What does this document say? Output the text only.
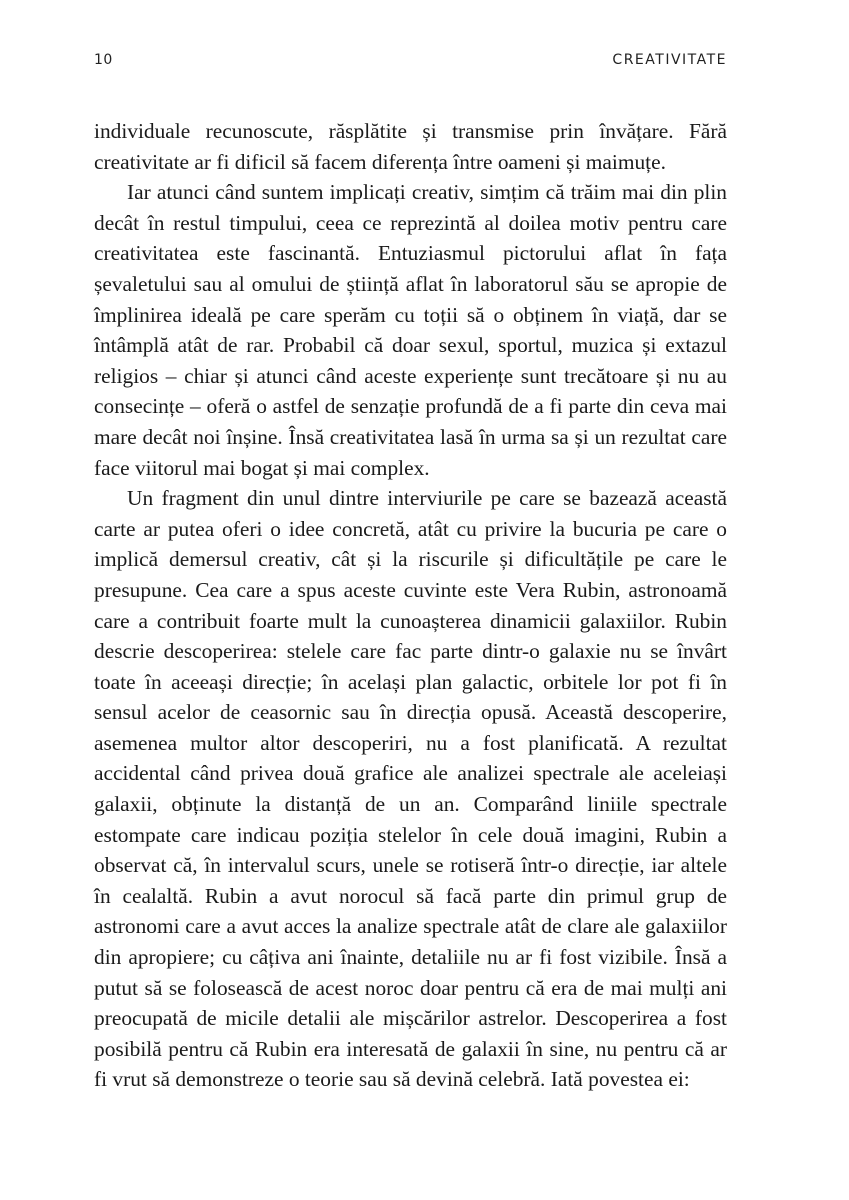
10	CREATIVITATE

individuale recunoscute, răsplătite și transmise prin învățare. Fără creativitate ar fi dificil să facem diferența între oameni și maimuțe.

Iar atunci când suntem implicați creativ, simțim că trăim mai din plin decât în restul timpului, ceea ce reprezintă al doilea motiv pentru care creativitatea este fascinantă. Entuziasmul pictorului aflat în fața șevaletului sau al omului de știință aflat în laboratorul său se apropie de împlinirea ideală pe care sperăm cu toții să o obținem în viață, dar se întâmplă atât de rar. Probabil că doar sexul, sportul, muzica și extazul religios – chiar și atunci când aceste experiențe sunt trecătoare și nu au consecințe – oferă o astfel de senzație profundă de a fi parte din ceva mai mare decât noi înșine. Însă creativitatea lasă în urma sa și un rezultat care face viitorul mai bogat și mai complex.

Un fragment din unul dintre interviurile pe care se bazează această carte ar putea oferi o idee concretă, atât cu privire la bucuria pe care o implică demersul creativ, cât și la riscurile și dificultățile pe care le presupune. Cea care a spus aceste cuvinte este Vera Rubin, astronoamă care a contribuit foarte mult la cunoașterea dinamicii galaxiilor. Rubin descrie descoperirea: stelele care fac parte dintr-o galaxie nu se învârt toate în aceeași direcție; în același plan galactic, orbitele lor pot fi în sensul acelor de ceasornic sau în direcția opusă. Această descoperire, asemenea multor altor descoperiri, nu a fost planificată. A rezultat accidental când privea două grafice ale analizei spectrale ale aceleiași galaxii, obținute la distanță de un an. Comparând liniile spectrale estompate care indicau poziția stelelor în cele două imagini, Rubin a observat că, în intervalul scurs, unele se rotiseră într-o direcție, iar altele în cealaltă. Rubin a avut norocul să facă parte din primul grup de astronomi care a avut acces la analize spectrale atât de clare ale galaxiilor din apropiere; cu câțiva ani înainte, detaliile nu ar fi fost vizibile. Însă a putut să se folosească de acest noroc doar pentru că era de mai mulți ani preocupată de micile detalii ale mișcărilor astrelor. Descoperirea a fost posibilă pentru că Rubin era interesată de galaxii în sine, nu pentru că ar fi vrut să demonstreze o teorie sau să devină celebră. Iată povestea ei:
